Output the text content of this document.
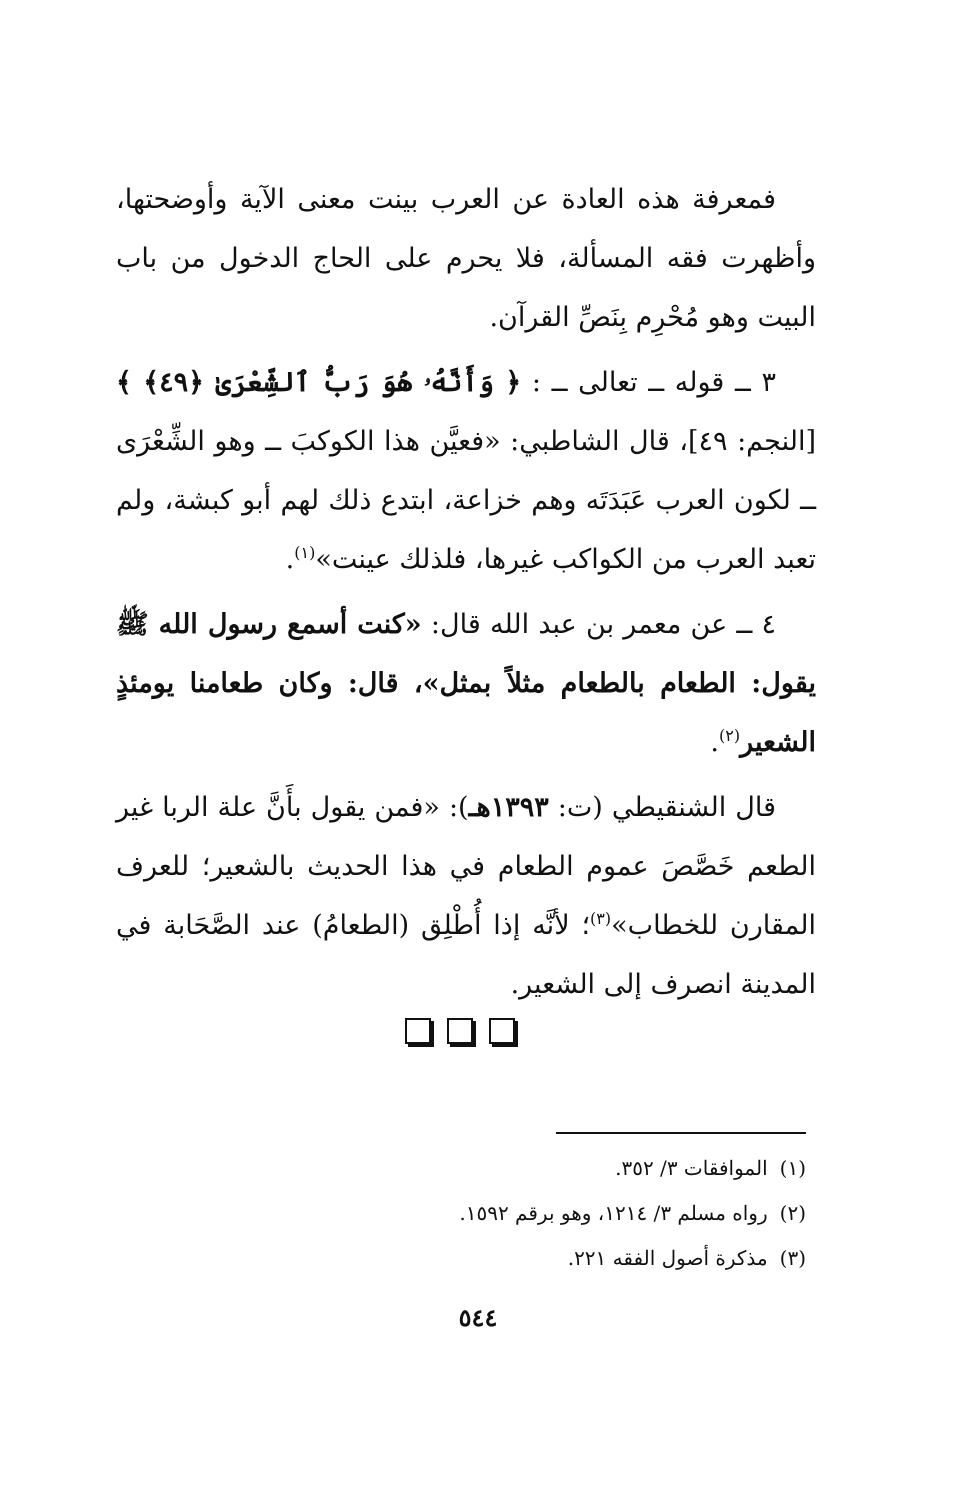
فمعرفة هذه العادة عن العرب بينت معنى الآية وأوضحتها، وأظهرت فقه المسألة، فلا يحرم على الحاج الدخول من باب البيت وهو مُحْرِم بِنَصِّ القرآن.

٣ ــ قوله ــ تعالى ــ : ﴿ وَأَنَّهُۥ هُوَ رَبُّ ٱلشِّعْرَىٰ ﴿٤٩﴾ ﴾ [النجم: ٤٩]، قال الشاطبي: «فعيَّن هذا الكوكبَ ــ وهو الشِّعْرَى ــ لكون العرب عَبَدَتَه وهم خزاعة، ابتدع ذلك لهم أبو كبشة، ولم تعبد العرب من الكواكب غيرها، فلذلك عينت»$^{(١)}$.

٤ ــ عن معمر بن عبد الله قال: «كنت أسمع رسول الله ﷺ يقول: الطعام بالطعام مثلاً بمثل»، قال: وكان طعامنا يومئذٍ الشعير$^{(٢)}$.

قال الشنقيطي (ت: ١٣٩٣هـ): «فمن يقول بأَنَّ علة الربا غير الطعم خَصَّصَ عموم الطعام في هذا الحديث بالشعير؛ للعرف المقارن للخطاب»$^{(٣)}$؛ لأنَّه إذا أُطْلِق (الطعامُ) عند الصَّحَابة في المدينة انصرف إلى الشعير.

(١)الموافقات ٣/ ٣٥٢.

(٢)رواه مسلم ٣/ ١٢١٤، وهو برقم ١٥٩٢.

(٣)مذكرة أصول الفقه ٢٢١.

٥٤٤
